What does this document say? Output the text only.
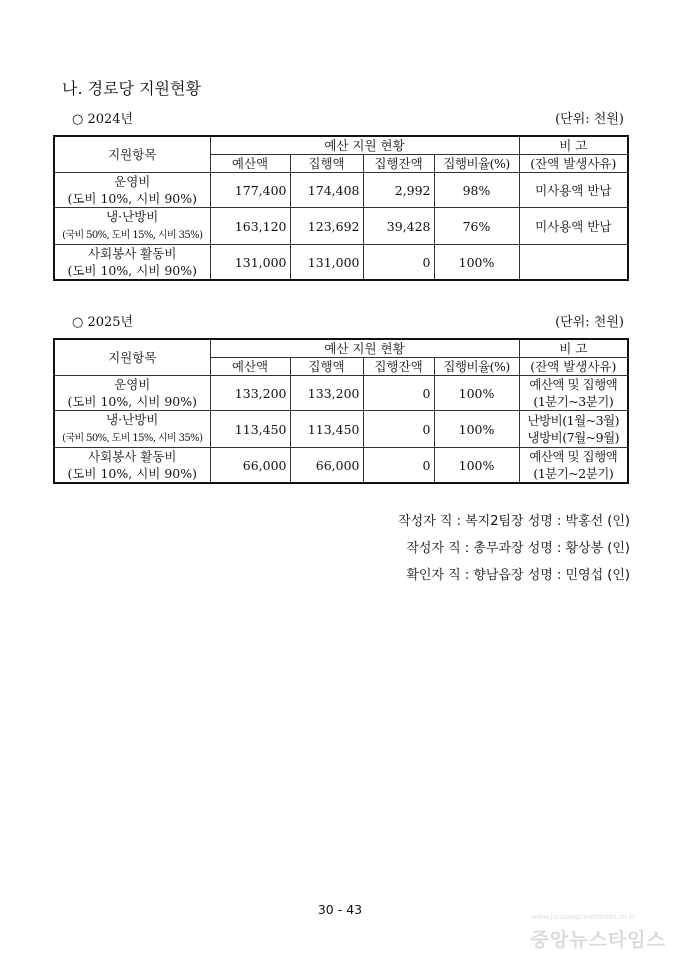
나. 경로당 지원현황
○ 2024년	(단위: 천원)
지원항목	예산 지원 현황				비 고
	예산액	집행액	집행잔액	집행비율(%)	(잔액 발생사유)
운영비
(도비 10%, 시비 90%)	177,400	174,408	2,992	98%	미사용액 반납

냉·난방비
(국비 50%, 도비 15%, 시비 35%)	163,120	123,692	39,428	76%	미사용액 반납

사회봉사 활동비
(도비 10%, 시비 90%)	131,000	131,000	0	100%	

○ 2025년	(단위: 천원)
지원항목	예산 지원 현황				비 고
	예산액	집행액	집행잔액	집행비율(%)	(잔액 발생사유)
운영비
(도비 10%, 시비 90%)	133,200	133,200	0	100%	예산액 및 집행액
(1분기~3분기)

냉·난방비
(국비 50%, 도비 15%, 시비 35%)	113,450	113,450	0	100%	난방비(1월~3월)
냉방비(7월~9월)

사회봉사 활동비
(도비 10%, 시비 90%)	66,000	66,000	0	100%	예산액 및 집행액
(1분기~2분기)

작성자 직 : 복지2팀장 성명 : 박홍선 (인)
작성자 직 : 총무과장 성명 : 황상봉 (인)
확인자 직 : 향남읍장 성명 : 민영섭 (인)
30 - 43	www.jungangnewstimes.co.kr
중앙뉴스타임스
